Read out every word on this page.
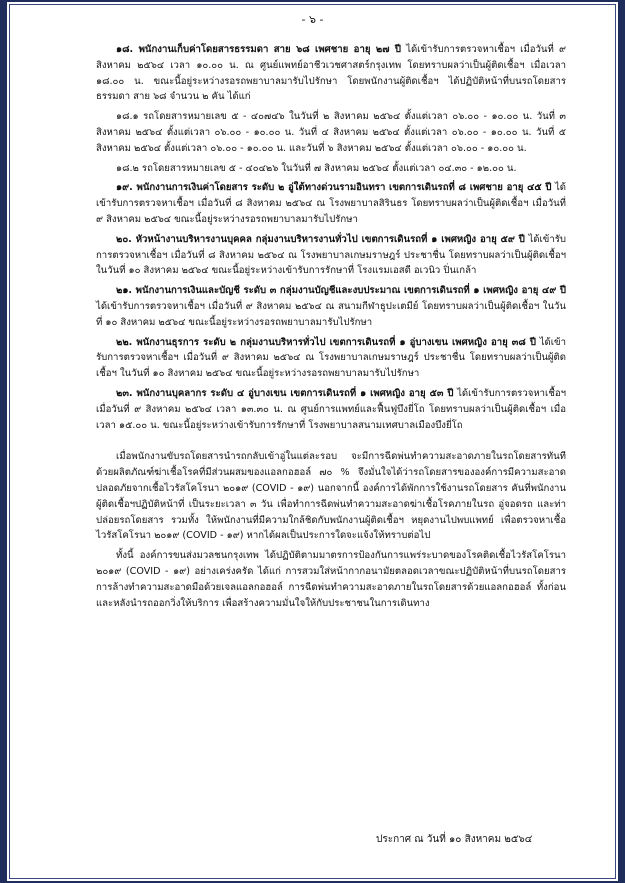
- ๖ -

๑๘. พนักงานเก็บค่าโดยสารธรรมดา สาย ๖๘ เพศชาย อายุ ๒๗ ปี ได้เข้ารับการตรวจหาเชื้อฯ เมื่อวันที่ ๙ สิงหาคม ๒๕๖๔ เวลา ๑๐.๐๐ น. ณ ศูนย์แพทย์อาชีวเวชศาสตร์กรุงเทพ โดยทราบผลว่าเป็นผู้ติดเชื้อฯ เมื่อเวลา ๑๘.๐๐ น. ขณะนี้อยู่ระหว่างรอรถพยาบาลมารับไปรักษา โดยพนักงานผู้ติดเชื้อฯ ได้ปฏิบัติหน้าที่บนรถโดยสารธรรมดา สาย ๖๘ จำนวน ๒ คัน ได้แก่

๑๘.๑ รถโดยสารหมายเลข ๕ - ๔๐๗๔๖ ในวันที่ ๒ สิงหาคม ๒๕๖๔ ตั้งแต่เวลา ๐๖.๐๐ - ๑๐.๐๐ น. วันที่ ๓ สิงหาคม ๒๕๖๔ ตั้งแต่เวลา ๐๖.๐๐ - ๑๐.๐๐ น. วันที่ ๔ สิงหาคม ๒๕๖๔ ตั้งแต่เวลา ๐๖.๐๐ - ๑๐.๐๐ น. วันที่ ๕ สิงหาคม ๒๕๖๔ ตั้งแต่เวลา ๐๖.๐๐ - ๑๐.๐๐ น. และวันที่ ๖ สิงหาคม ๒๕๖๔ ตั้งแต่เวลา ๐๖.๐๐ - ๑๐.๐๐ น.

๑๘.๒ รถโดยสารหมายเลข ๕ - ๔๐๔๒๖ ในวันที่ ๗ สิงหาคม ๒๕๖๔ ตั้งแต่เวลา ๐๔.๓๐ - ๑๒.๐๐ น.

๑๙. พนักงานการเงินค่าโดยสาร ระดับ ๒ อู่ใต้ทางด่วนรามอินทรา เขตการเดินรถที่ ๘ เพศชาย อายุ ๔๕ ปี ได้เข้ารับการตรวจหาเชื้อฯ เมื่อวันที่ ๘ สิงหาคม ๒๕๖๔ ณ โรงพยาบาลสิรินธร โดยทราบผลว่าเป็นผู้ติดเชื้อฯ เมื่อวันที่ ๙ สิงหาคม ๒๕๖๔ ขณะนี้อยู่ระหว่างรอรถพยาบาลมารับไปรักษา

๒๐. หัวหน้างานบริหารงานบุคคล กลุ่มงานบริหารงานทั่วไป เขตการเดินรถที่ ๑ เพศหญิง อายุ ๕๙ ปี ได้เข้ารับการตรวจหาเชื้อฯ เมื่อวันที่ ๘ สิงหาคม ๒๕๖๔ ณ โรงพยาบาลเกษมราษฎร์ ประชาชื่น โดยทราบผลว่าเป็นผู้ติดเชื้อฯ ในวันที่ ๑๐ สิงหาคม ๒๕๖๔ ขณะนี้อยู่ระหว่างเข้ารับการรักษาที่ โรงแรมเอสดี อเวนิว ปิ่นเกล้า

๒๑. พนักงานการเงินและบัญชี ระดับ ๓ กลุ่มงานบัญชีและงบประมาณ เขตการเดินรถที่ ๑ เพศหญิง อายุ ๔๙ ปี ได้เข้ารับการตรวจหาเชื้อฯ เมื่อวันที่ ๙ สิงหาคม ๒๕๖๔ ณ สนามกีฬาธูปะเตมีย์ โดยทราบผลว่าเป็นผู้ติดเชื้อฯ ในวันที่ ๑๐ สิงหาคม ๒๕๖๔ ขณะนี้อยู่ระหว่างรอรถพยาบาลมารับไปรักษา

๒๒. พนักงานธุรการ ระดับ ๒ กลุ่มงานบริหารทั่วไป เขตการเดินรถที่ ๑ อู่บางเขน เพศหญิง อายุ ๓๘ ปี ได้เข้ารับการตรวจหาเชื้อฯ เมื่อวันที่ ๙ สิงหาคม ๒๕๖๔ ณ โรงพยาบาลเกษมราษฎร์ ประชาชื่น โดยทราบผลว่าเป็นผู้ติดเชื้อฯ ในวันที่ ๑๐ สิงหาคม ๒๕๖๔ ขณะนี้อยู่ระหว่างรอรถพยาบาลมารับไปรักษา

๒๓. พนักงานบุคลากร ระดับ ๔ อู่บางเขน เขตการเดินรถที่ ๑ เพศหญิง อายุ ๕๓ ปี ได้เข้ารับการตรวจหาเชื้อฯ เมื่อวันที่ ๙ สิงหาคม ๒๕๖๔ เวลา ๑๓.๓๐ น. ณ ศูนย์การแพทย์และฟื้นฟูบึงยี่โถ โดยทราบผลว่าเป็นผู้ติดเชื้อฯ เมื่อเวลา ๑๕.๐๐ น. ขณะนี้อยู่ระหว่างเข้ารับการรักษาที่ โรงพยาบาลสนามเทศบาลเมืองบึงยี่โถ

เมื่อพนักงานขับรถโดยสารนำรถกลับเข้าอู่ในแต่ละรอบ จะมีการฉีดพ่นทำความสะอาดภายในรถโดยสารทันทีด้วยผลิตภัณฑ์ฆ่าเชื้อโรคที่มีส่วนผสมของแอลกอฮอล์ ๗๐ % จึงมั่นใจได้ว่ารถโดยสารขององค์การมีความสะอาด ปลอดภัยจากเชื้อไวรัสโคโรนา ๒๐๑๙ (COVID - ๑๙) นอกจากนี้ องค์การได้พักการใช้งานรถโดยสาร คันที่พนักงานผู้ติดเชื้อฯปฏิบัติหน้าที่ เป็นระยะเวลา ๓ วัน เพื่อทำการฉีดพ่นทำความสะอาดฆ่าเชื้อโรคภายในรถ อู่จอดรถ และท่าปล่อยรถโดยสาร รวมทั้ง ให้พนักงานที่มีความใกล้ชิดกับพนักงานผู้ติดเชื้อฯ หยุดงานไปพบแพทย์ เพื่อตรวจหาเชื้อไวรัสโคโรนา ๒๐๑๙ (COVID - ๑๙) หากได้ผลเป็นประการใดจะแจ้งให้ทราบต่อไป

ทั้งนี้ องค์การขนส่งมวลชนกรุงเทพ ได้ปฏิบัติตามมาตรการป้องกันการแพร่ระบาดของโรคติดเชื้อไวรัสโคโรนา ๒๐๑๙ (COVID - ๑๙) อย่างเคร่งครัด ได้แก่ การสวมใส่หน้ากากอนามัยตลอดเวลาขณะปฏิบัติหน้าที่บนรถโดยสาร การล้างทำความสะอาดมือด้วยเจลแอลกอฮอล์ การฉีดพ่นทำความสะอาดภายในรถโดยสารด้วยแอลกอฮอล์ ทั้งก่อนและหลังนำรถออกวิ่งให้บริการ เพื่อสร้างความมั่นใจให้กับประชาชนในการเดินทาง

ประกาศ ณ วันที่ ๑๐ สิงหาคม ๒๕๖๔
